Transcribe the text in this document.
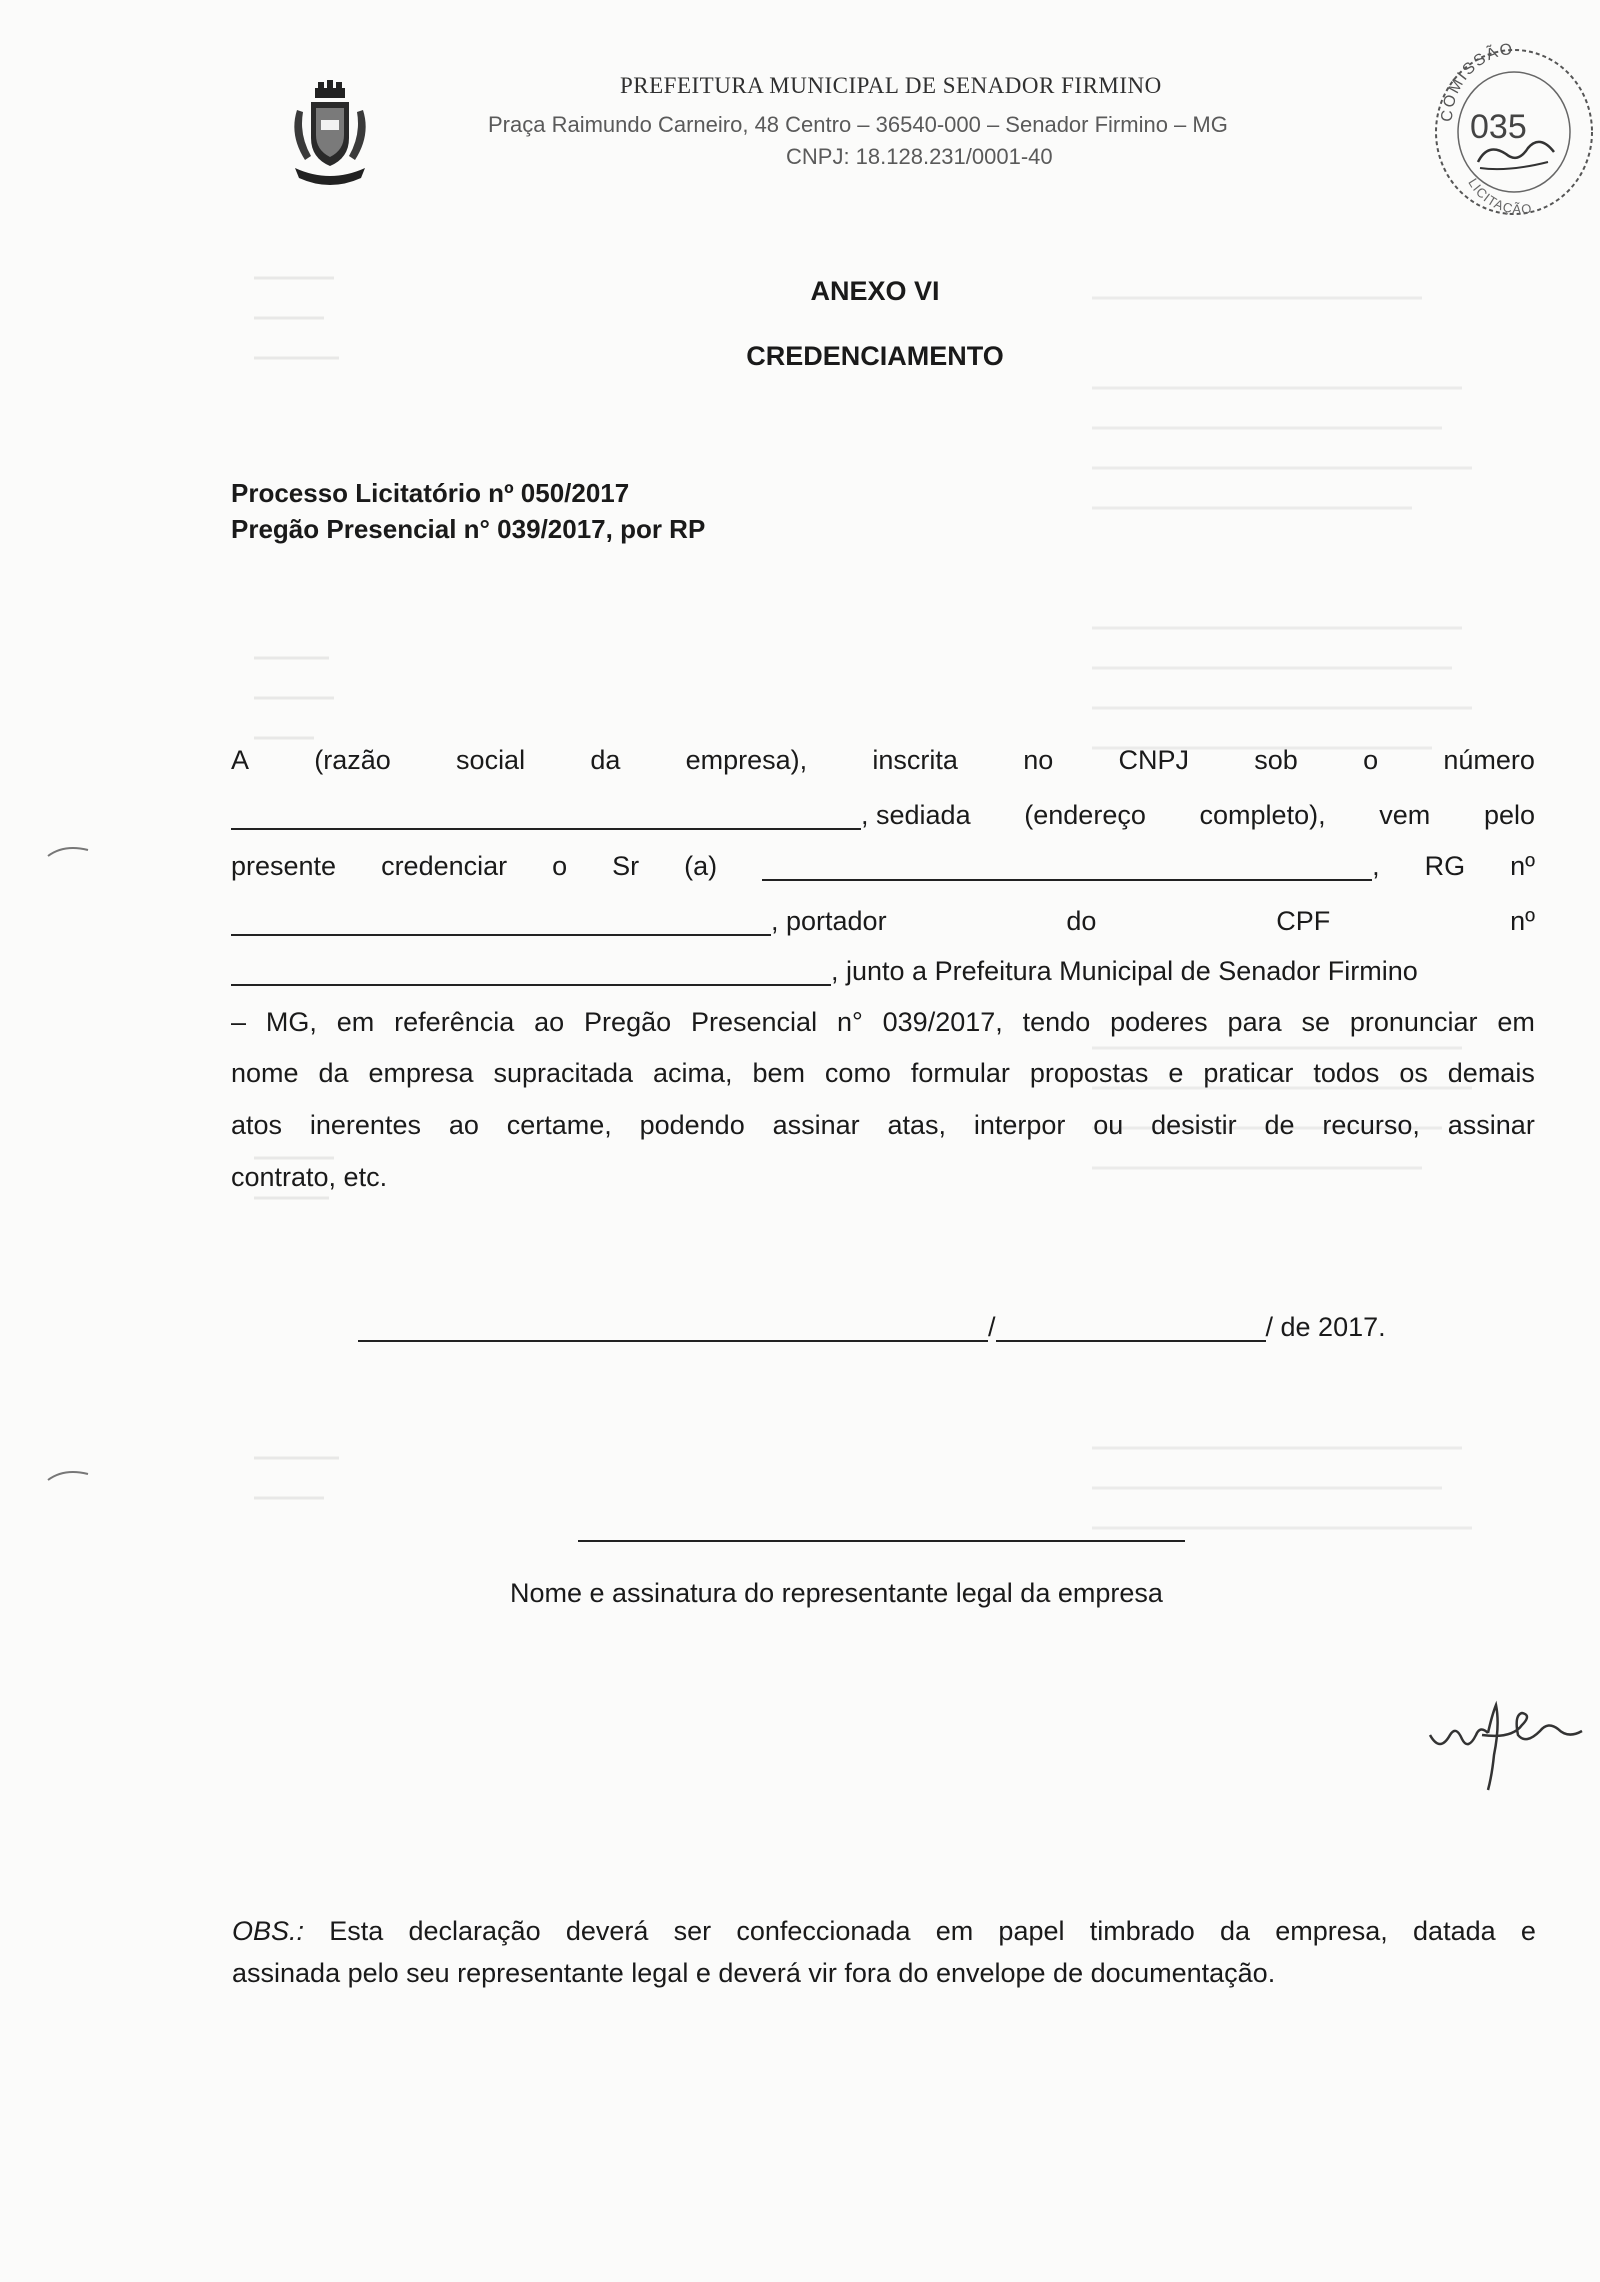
PREFEITURA MUNICIPAL DE SENADOR FIRMINO
Praça Raimundo Carneiro, 48 Centro – 36540-000 – Senador Firmino – MG
CNPJ: 18.128.231/0001-40
COMISSÃO
LICITAÇÃO
035
ANEXO VI
CREDENCIAMENTO
Processo Licitatório nº 050/2017
Pregão Presencial n° 039/2017, por RP
A (razão social da empresa), inscrita no CNPJ sob o número
, sediada (endereço completo), vem pelo
presente credenciar o Sr (a)	, RG nº
, portador	do	CPF	nº
, junto a Prefeitura Municipal de Senador Firmino
– MG, em referência ao Pregão Presencial n° 039/2017, tendo poderes para se pronunciar em
nome da empresa supracitada acima, bem como formular propostas e praticar todos os demais
atos inerentes ao certame, podendo assinar atas, interpor ou desistir de recurso, assinar
contrato, etc.
/	/ de 2017.
Nome e assinatura do representante legal da empresa
OBS.: Esta declaração deverá ser confeccionada em papel timbrado da empresa, datada e
assinada pelo seu representante legal e deverá vir fora do envelope de documentação.
